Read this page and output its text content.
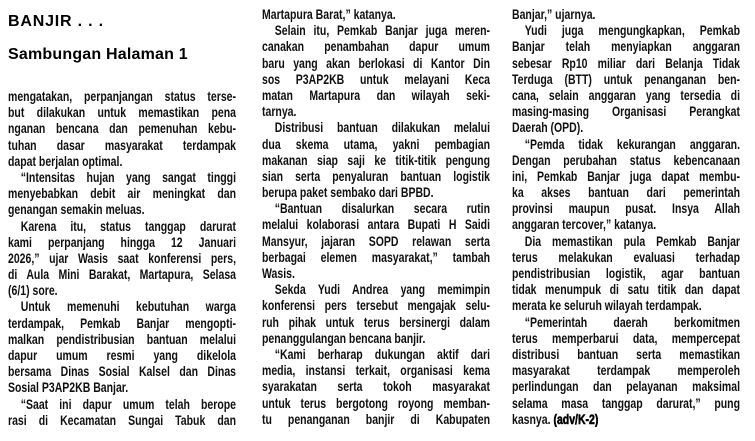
BANJIR . . .
Sambungan Halaman 1
mengatakan, perpanjangan status terse-
but dilakukan untuk memastikan pena
nganan bencana dan pemenuhan kebu-
tuhan dasar masyarakat terdampak
dapat berjalan optimal.
“Intensitas hujan yang sangat tinggi
menyebabkan debit air meningkat dan
genangan semakin meluas.
Karena itu, status tanggap darurat
kami perpanjang hingga 12 Januari
2026,” ujar Wasis saat konferensi pers,
di Aula Mini Barakat, Martapura, Selasa
(6/1) sore.
Untuk memenuhi kebutuhan warga
terdampak, Pemkab Banjar mengopti-
malkan pendistribusian bantuan melalui
dapur umum resmi yang dikelola
bersama Dinas Sosial Kalsel dan Dinas
Sosial P3AP2KB Banjar.
“Saat ini dapur umum telah berope
rasi di Kecamatan Sungai Tabuk dan
Martapura Barat,” katanya.
Selain itu, Pemkab Banjar juga meren-
canakan penambahan dapur umum
baru yang akan berlokasi di Kantor Din
sos P3AP2KB untuk melayani Keca
matan Martapura dan wilayah seki-
tarnya.
Distribusi bantuan dilakukan melalui
dua skema utama, yakni pembagian
makanan siap saji ke titik-titik pengung
sian serta penyaluran bantuan logistik
berupa paket sembako dari BPBD.
“Bantuan disalurkan secara rutin
melalui kolaborasi antara Bupati H Saidi
Mansyur, jajaran SOPD relawan serta
berbagai elemen masyarakat,” tambah
Wasis.
Sekda Yudi Andrea yang memimpin
konferensi pers tersebut mengajak selu-
ruh pihak untuk terus bersinergi dalam
penanggulangan bencana banjir.
“Kami berharap dukungan aktif dari
media, instansi terkait, organisasi kema
syarakatan serta tokoh masyarakat
untuk terus bergotong royong memban-
tu penanganan banjir di Kabupaten
Banjar,” ujarnya.
Yudi juga mengungkapkan, Pemkab
Banjar telah menyiapkan anggaran
sebesar Rp10 miliar dari Belanja Tidak
Terduga (BTT) untuk penanganan ben-
cana, selain anggaran yang tersedia di
masing-masing Organisasi Perangkat
Daerah (OPD).
“Pemda tidak kekurangan anggaran.
Dengan perubahan status kebencanaan
ini, Pemkab Banjar juga dapat membu-
ka akses bantuan dari pemerintah
provinsi maupun pusat. Insya Allah
anggaran tercover,” katanya.
Dia memastikan pula Pemkab Banjar
terus melakukan evaluasi terhadap
pendistribusian logistik, agar bantuan
tidak menumpuk di satu titik dan dapat
merata ke seluruh wilayah terdampak.
“Pemerintah daerah berkomitmen
terus memperbarui data, mempercepat
distribusi bantuan serta memastikan
masyarakat terdampak memperoleh
perlindungan dan pelayanan maksimal
selama masa tanggap darurat,” pung
kasnya. (adv/K-2)
